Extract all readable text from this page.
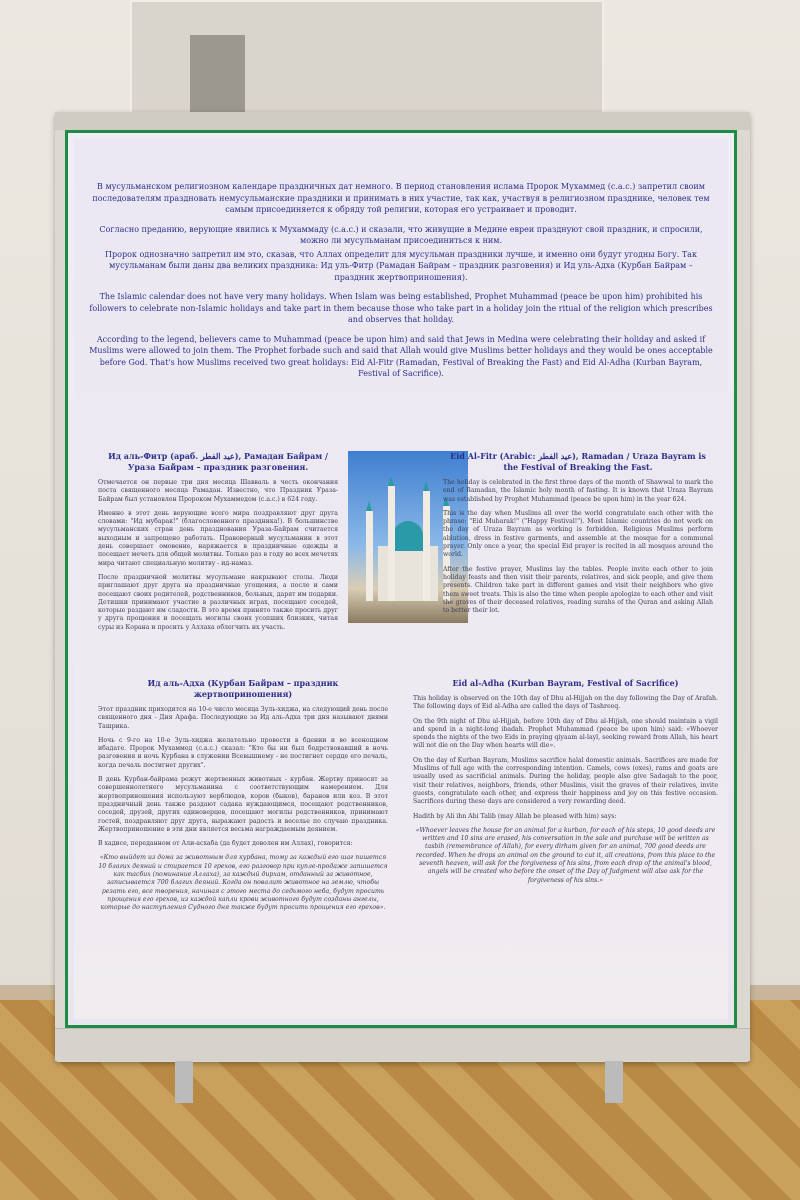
В мусульманском религиозном календаре праздничных дат немного. В период становления ислама Пророк Мухаммед (с.а.с.) запретил своим последователям праздновать немусульманские праздники и принимать в них участие, так как, участвуя в религиозном празднике, человек тем самым присоединяется к обряду той религии, которая его устраивает и проводит.

Согласно преданию, верующие явились к Мухаммаду (с.а.с.) и сказали, что живущие в Медине евреи празднуют свой праздник, и спросили, можно ли мусульманам присоединиться к ним.

Пророк однозначно запретил им это, сказав, что Аллах определит для мусульман праздники лучше, и именно они будут угодны Богу. Так мусульманам были даны два великих праздника: Ид уль-Фитр (Рамадан Байрам – праздник разговения) и Ид уль-Адха (Курбан Байрам – праздник жертвоприношения).

The Islamic calendar does not have very many holidays. When Islam was being established, Prophet Muhammad (peace be upon him) prohibited his followers to celebrate non-Islamic holidays and take part in them because those who take part in a holiday join the ritual of the religion which prescribes and observes that holiday.

According to the legend, believers came to Muhammad (peace be upon him) and said that Jews in Medina were celebrating their holiday and asked if Muslims were allowed to join them. The Prophet forbade such and said that Allah would give Muslims better holidays and they would be ones acceptable before God. That's how Muslims received two great holidays: Eid Al-Fitr (Ramadan, Festival of Breaking the Fast) and Eid Al-Adha (Kurban Bayram, Festival of Sacrifice).

Ид аль-Фитр (араб. عيد الفطر), Рамадан Байрам / Ураза Байрам – праздник разговения.

Отмечается он первые три дня месяца Шавваль в честь окончания поста священного месяца Рамадан. Известно, что Праздник Ураза-Байрам был установлен Пророком Мухаммедом (с.а.с.) в 624 году.

Именно в этот день верующие всего мира поздравляют друг друга словами: "Ид мубарак!" (благословенного праздника!). В большинстве мусульманских стран день празднования Ураза-Байрам считается выходным и запрещено работать. Правоверный мусульманин в этот день совершает омовение, наряжается в праздничные одежды и посещает мечеть для общей молитвы. Только раз в году во всех мечетях мира читают специальную молитву - ид-намаз.

После праздничной молитвы мусульмане накрывают столы. Люди приглашают друг друга на праздничные угощения, а после и сами посещают своих родителей, родственников, больных, дарят им подарки. Детишки принимают участие в различных играх, посещают соседей, которые раздают им сладости. В это время принято также просить друг у друга прощения и посещать могилы своих усопших близких, читая суры из Корана и просить у Аллаха облегчить их участь.

Eid Al-Fitr (Arabic: عيد الفطر), Ramadan / Uraza Bayram is the Festival of Breaking the Fast.

The holiday is celebrated in the first three days of the month of Shawwal to mark the end of Ramadan, the Islamic holy month of fasting. It is known that Uraza Bayram was established by Prophet Muhammad (peace be upon him) in the year 624.

This is the day when Muslims all over the world congratulate each other with the phrase: "Eid Mubarak!" ("Happy Festival!"). Most Islamic countries do not work on the day of Uraza Bayram as working is forbidden. Religious Muslims perform ablution, dress in festive garments, and assemble at the mosque for a communal prayer. Only once a year, the special Eid prayer is recited in all mosques around the world.

After the festive prayer, Muslims lay the tables. People invite each other to join holiday feasts and then visit their parents, relatives, and sick people, and give them presents. Children take part in different games and visit their neighbors who give them sweet treats. This is also the time when people apologize to each other and visit the graves of their deceased relatives, reading surahs of the Quran and asking Allah to better their lot.

Ид аль-Адха (Курбан Байрам – праздник жертвоприношения)

Этот праздник приходится на 10-е число месяца Зуль-хиджа, на следующий день после священного дня - Дня Арафа. Последующие за Ид аль-Адха три дня называют днями Ташрика.

Ночь с 9-го на 10-е Зуль-хиджа желательно провести в бдении и во всенощном ибадате. Пророк Мухаммед (с.а.с.) сказал: "Кто бы ни был бодрствовавший в ночь разговения и ночь Курбана в служении Всевышнему - не постигнет сердце его печаль, когда печаль постигнет других".

В день Курбан-байрама режут жертвенных животных - курбан. Жертву приносят за совершеннолетнего мусульманина с соответствующим намерением. Для жертвоприношения используют верблюдов, коров (быков), баранов или коз. В этот праздничный день также раздают садака нуждающимся, посещают родственников, соседей, друзей, других единоверцев, посещают могилы родственников, принимают гостей, поздравляют друг друга, выражают радость и веселье по случаю праздника. Жертвоприношение в эти дни является весьма награждаемым деянием.

В хадисе, переданном от Али-асхаба (да будет доволен им Аллах), говорится:

«Кто выйдет из дома за животным для курбана, тому за каждый его шаг пишется 10 благих деяний и стирается 10 грехов, его разговор при купле-продаже запишется как тасбих (поминание Аллаха), за каждый дирхам, отданный за животное, записывается 700 благих деяний. Когда он повалит животное на землю, чтобы резать его, все творения, начиная с этого места до седьмого неба, будут просить прощения его грехов, из каждой капли крови животного будут созданы ангелы, которые до наступления Судного дня также будут просить прощения его грехов».

Eid al-Adha (Kurban Bayram, Festival of Sacrifice)

This holiday is observed on the 10th day of Dhu al-Hijjah on the day following the Day of Arafah. The following days of Eid al-Adha are called the days of Tashreeq.

On the 9th night of Dhu al-Hijjah, before 10th day of Dhu al-Hijjah, one should maintain a vigil and spend in a night-long ibadah. Prophet Muhammad (peace be upon him) said: «Whoever spends the nights of the two Eids in praying qiyaam al-layl, seeking reward from Allah, his heart will not die on the Day when hearts will die».

On the day of Kurban Bayram, Muslims sacrifice halal domestic animals. Sacrifices are made for Muslims of full age with the corresponding intention. Camels, cows (oxes), rams and goats are usually used as sacrificial animals. During the holiday, people also give Sadaqah to the poor, visit their relatives, neighbors, friends, other Muslims, visit the graves of their relatives, invite guests, congratulate each other, and express their happiness and joy on this festive occasion. Sacrifices during these days are considered a very rewarding deed.

Hadith by Ali ibn Abi Talib (may Allah be pleased with him) says:

«Whoever leaves the house for an animal for a kurban, for each of his steps, 10 good deeds are written and 10 sins are erased, his conversation in the sale and purchase will be written as tasbih (remembrance of Allah), for every dirham given for an animal, 700 good deeds are recorded. When he drops an animal on the ground to cut it, all creations, from this place to the seventh heaven, will ask for the forgiveness of his sins, from each drop of the animal's blood, angels will be created who before the onset of the Day of Judgment will also ask for the forgiveness of his sins.»
